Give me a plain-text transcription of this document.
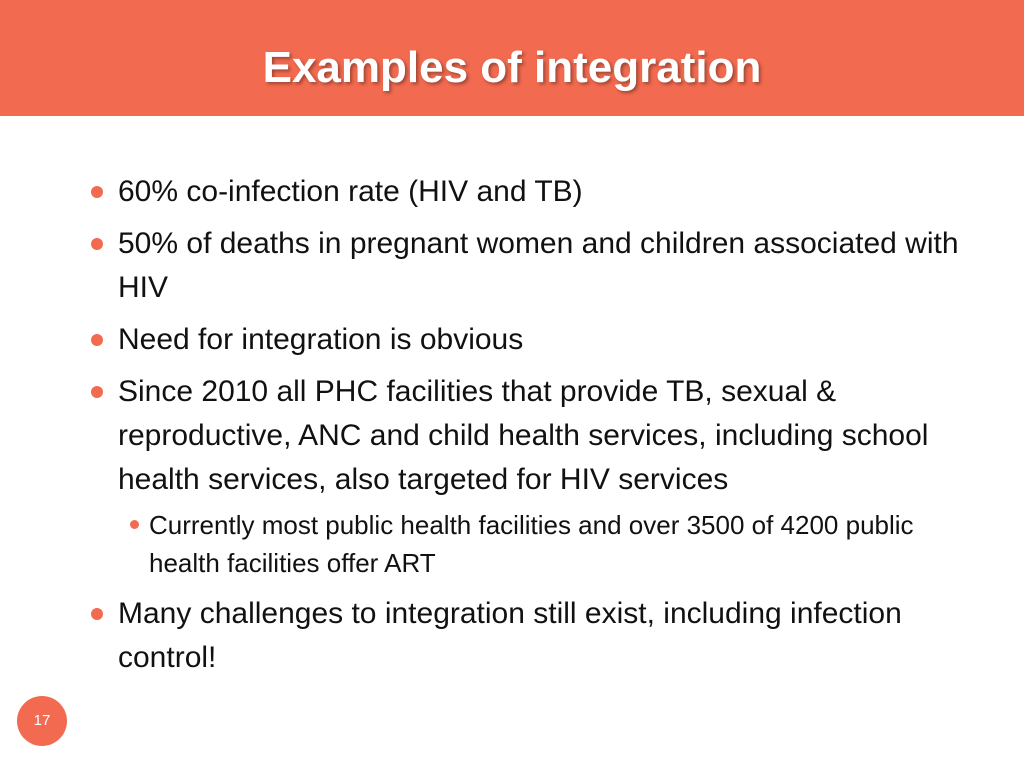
Examples of integration
60% co-infection rate (HIV and TB)
50% of deaths in pregnant women and children associated with HIV
Need for integration is obvious
Since 2010 all PHC facilities that provide TB, sexual & reproductive, ANC and child health services, including school health services, also targeted for HIV services
Currently most public health facilities and over 3500 of 4200 public health facilities offer ART
Many challenges to integration still exist, including infection control!
17
